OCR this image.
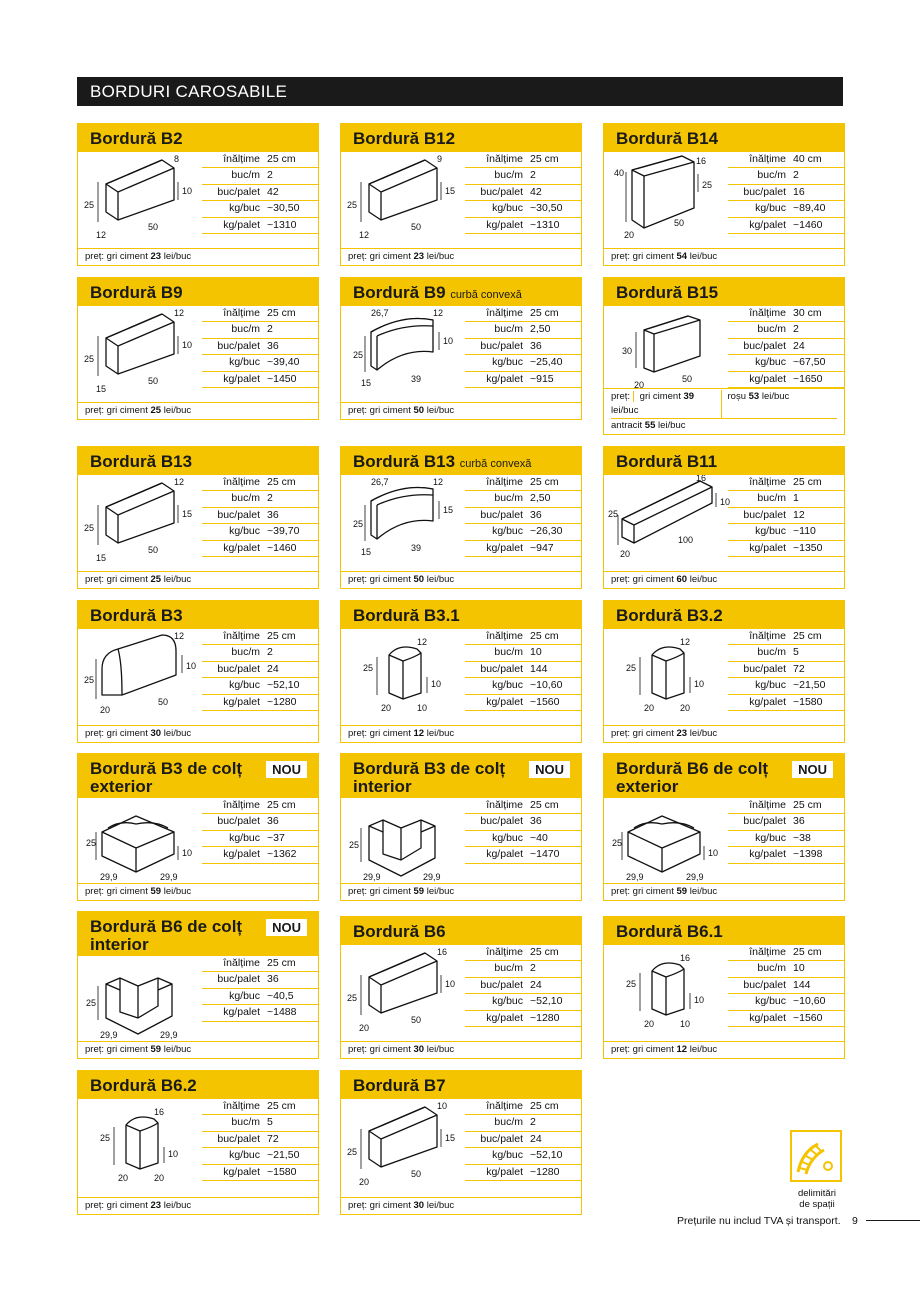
BORDURI CAROSABILE
Bordură B2
10
8
25
50
12
înălțime 25 cm
buc/m 2
buc/palet 42
kg/buc ~30,50
kg/palet ~1310
preț: gri ciment 23 lei/buc
Bordură B12
15
9
25
50
12
înălțime 25 cm
buc/m 2
buc/palet 42
kg/buc ~30,50
kg/palet ~1310
preț: gri ciment 23 lei/buc
Bordură B14
40
16
25
50
20
înălțime 40 cm
buc/m 2
buc/palet 16
kg/buc ~89,40
kg/palet ~1460
preț: gri ciment 54 lei/buc
Bordură B9
10
12
25
50
15
înălțime 25 cm
buc/m 2
buc/palet 36
kg/buc ~39,40
kg/palet ~1450
preț: gri ciment 25 lei/buc
Bordură B9 curbă convexă
26,7	12
10
25
39
15
înălțime 25 cm
buc/m 2,50
buc/palet 36
kg/buc ~25,40
kg/palet ~915
preț: gri ciment 50 lei/buc
Bordură B15
30
50
20
înălțime 30 cm
buc/m 2
buc/palet 24
kg/buc ~67,50
kg/palet ~1650
preț: gri ciment 39 lei/buc
roșu 53 lei/buc
antracit 55 lei/buc
Bordură B13
15
12
25
50
15
înălțime 25 cm
buc/m 2
buc/palet 36
kg/buc ~39,70
kg/palet ~1460
preț: gri ciment 25 lei/buc
Bordură B13 curbă convexă
26,7	12
15
25
39
15
înălțime 25 cm
buc/m 2,50
buc/palet 36
kg/buc ~26,30
kg/palet ~947
preț: gri ciment 50 lei/buc
Bordură B11
16
10
25
100
20
înălțime 25 cm
buc/m 1
buc/palet 12
kg/buc ~110
kg/palet ~1350
preț: gri ciment 60 lei/buc
Bordură B3
12
10
25
50
20
înălțime 25 cm
buc/m 2
buc/palet 24
kg/buc ~52,10
kg/palet ~1280
preț: gri ciment 30 lei/buc
Bordură B3.1
12
10
25
10
20
înălțime 25 cm
buc/m 10
buc/palet 144
kg/buc ~10,60
kg/palet ~1560
preț: gri ciment 12 lei/buc
Bordură B3.2
12
10
25
20
20
înălțime 25 cm
buc/m 5
buc/palet 72
kg/buc ~21,50
kg/palet ~1580
preț: gri ciment 23 lei/buc
Bordură B3 de colț exterior
NOU
25
10
29,9	29,9
înălțime 25 cm
buc/palet 36
kg/buc ~37
kg/palet ~1362
preț: gri ciment 59 lei/buc
Bordură B3 de colț interior
NOU
25
29,9	29,9
înălțime 25 cm
buc/palet 36
kg/buc ~40
kg/palet ~1470
preț: gri ciment 59 lei/buc
Bordură B6 de colț exterior
NOU
25
10
29,9	29,9
înălțime 25 cm
buc/palet 36
kg/buc ~38
kg/palet ~1398
preț: gri ciment 59 lei/buc
Bordură B6 de colț interior
NOU
25
29,9	29,9
înălțime 25 cm
buc/palet 36
kg/buc ~40,5
kg/palet ~1488
preț: gri ciment 59 lei/buc
Bordură B6
10
16
25
50
20
înălțime 25 cm
buc/m 2
buc/palet 24
kg/buc ~52,10
kg/palet ~1280
preț: gri ciment 30 lei/buc
Bordură B6.1
16
10
25
10
20
înălțime 25 cm
buc/m 10
buc/palet 144
kg/buc ~10,60
kg/palet ~1560
preț: gri ciment 12 lei/buc
Bordură B6.2
16
10
25
20
20
înălțime 25 cm
buc/m 5
buc/palet 72
kg/buc ~21,50
kg/palet ~1580
preț: gri ciment 23 lei/buc
Bordură B7
15
10
25
50
20
înălțime 25 cm
buc/m 2
buc/palet 24
kg/buc ~52,10
kg/palet ~1280
preț: gri ciment 30 lei/buc
delimitări
de spații
Prețurile nu includ TVA și transport. 9
